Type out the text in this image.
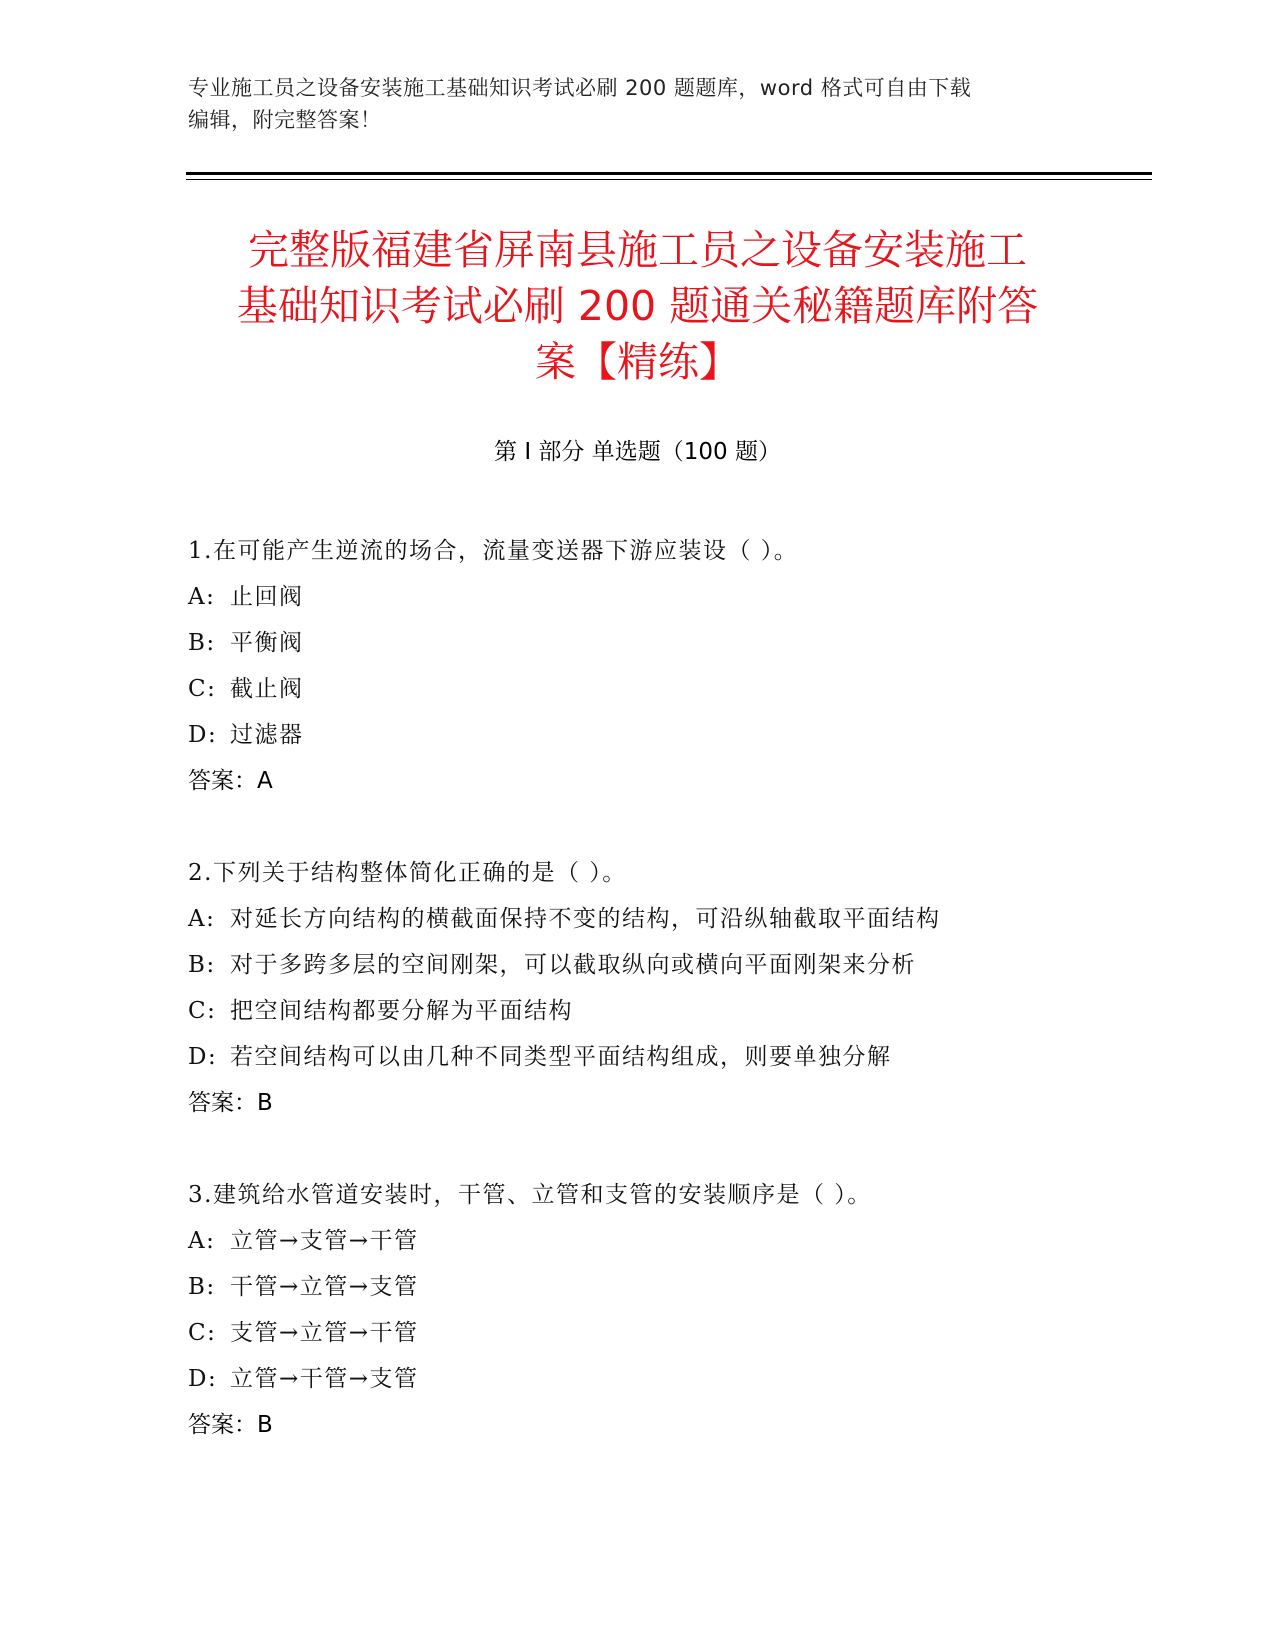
专业施工员之设备安装施工基础知识考试必刷 200 题题库，word 格式可自由下载
编辑，附完整答案！
完整版福建省屏南县施工员之设备安装施工
基础知识考试必刷 200 题通关秘籍题库附答
案【精练】
第 I 部分 单选题（100 题）
1.在可能产生逆流的场合，流量变送器下游应装设（ ）。
A: 止回阀
B: 平衡阀
C: 截止阀
D: 过滤器
答案：A
2.下列关于结构整体简化正确的是（ ）。
A: 对延长方向结构的横截面保持不变的结构，可沿纵轴截取平面结构
B: 对于多跨多层的空间刚架，可以截取纵向或横向平面刚架来分析
C: 把空间结构都要分解为平面结构
D: 若空间结构可以由几种不同类型平面结构组成，则要单独分解
答案：B
3.建筑给水管道安装时，干管、立管和支管的安装顺序是（ ）。
A: 立管→支管→干管
B: 干管→立管→支管
C: 支管→立管→干管
D: 立管→干管→支管
答案：B
